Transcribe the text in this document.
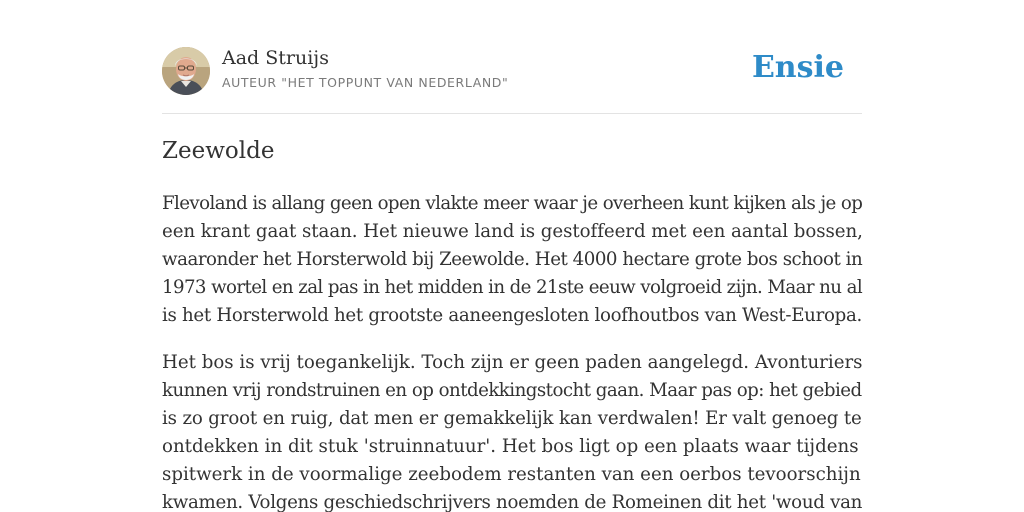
Aad Struijs
AUTEUR "HET TOPPUNT VAN NEDERLAND"	Ensie
Zeewolde

Flevoland is allang geen open vlakte meer waar je overheen kunt kijken als je op
een krant gaat staan. Het nieuwe land is gestoffeerd met een aantal bossen,
waaronder het Horsterwold bij Zeewolde. Het 4000 hectare grote bos schoot in
1973 wortel en zal pas in het midden in de 21ste eeuw volgroeid zijn. Maar nu al
is het Horsterwold het grootste aaneengesloten loofhoutbos van West-Europa.

Het bos is vrij toegankelijk. Toch zijn er geen paden aangelegd. Avonturiers
kunnen vrij rondstruinen en op ontdekkingstocht gaan. Maar pas op: het gebied
is zo groot en ruig, dat men er gemakkelijk kan verdwalen! Er valt genoeg te
ontdekken in dit stuk 'struinnatuur'. Het bos ligt op een plaats waar tijdens
spitwerk in de voormalige zeebodem restanten van een oerbos tevoorschijn
kwamen. Volgens geschiedschrijvers noemden de Romeinen dit het 'woud van
